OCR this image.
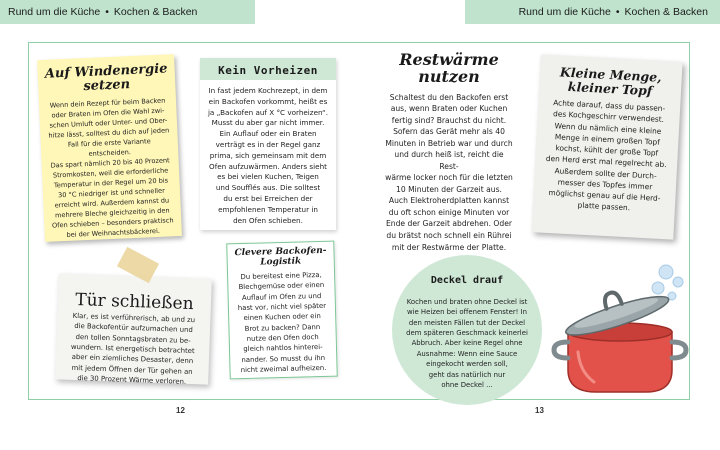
Rund um die Küche • Kochen & Backen	Rund um die Küche • Kochen & Backen
Auf Windenergie setzen
Wenn dein Rezept für beim Backen
oder Braten im Ofen die Wahl zwi-
schen Umluft oder Unter- und Ober-
hitze lässt, solltest du dich auf jeden
Fall für die erste Variante entscheiden.
Das spart nämlich 20 bis 40 Prozent
Stromkosten, weil die erforderliche
Temperatur in der Regel um 20 bis
30 °C niedriger ist und schneller
erreicht wird. Außerdem kannst du
mehrere Bleche gleichzeitig in den
Ofen schieben – besonders praktisch
bei der Weihnachtsbäckerei.
Kein Vorheizen
In fast jedem Kochrezept, in dem
ein Backofen vorkommt, heißt es
ja „Backofen auf X °C vorheizen“.
Musst du aber gar nicht immer.
Ein Auflauf oder ein Braten
verträgt es in der Regel ganz
prima, sich gemeinsam mit dem
Ofen aufzuwärmen. Anders sieht
es bei vielen Kuchen, Teigen
und Soufflés aus. Die solltest
du erst bei Erreichen der
empfohlenen Temperatur in
den Ofen schieben.
Clevere Backofen-Logistik
Du bereitest eine Pizza,
Blechgemüse oder einen
Auflauf im Ofen zu und
hast vor, nicht viel später
einen Kuchen oder ein
Brot zu backen? Dann
nutze den Ofen doch
gleich nahtlos hinterei-
nander. So musst du ihn
nicht zweimal aufheizen.
Tür schließen
Klar, es ist verführerisch, ab und zu
die Backofentür aufzumachen und
den tollen Sonntagsbraten zu be-
wundern. Ist energetisch betrachtet
aber ein ziemliches Desaster, denn
mit jedem Öffnen der Tür gehen an
die 30 Prozent Wärme verloren.
Restwärme nutzen
Schaltest du den Backofen erst
aus, wenn Braten oder Kuchen
fertig sind? Brauchst du nicht.
Sofern das Gerät mehr als 40
Minuten in Betrieb war und durch
und durch heiß ist, reicht die Rest-
wärme locker noch für die letzten
10 Minuten der Garzeit aus.
Auch Elektroherdplatten kannst
du oft schon einige Minuten vor
Ende der Garzeit abdrehen. Oder
du brätst noch schnell ein Rührei
mit der Restwärme der Platte.
Kleine Menge, kleiner Topf
Achte darauf, dass du passen-
des Kochgeschirr verwendest.
Wenn du nämlich eine kleine
Menge in einem großen Topf
kochst, kühlt der große Topf
den Herd erst mal regelrecht ab.
Außerdem sollte der Durch-
messer des Topfes immer
möglichst genau auf die Herd-
platte passen.
Deckel drauf
Kochen und braten ohne Deckel ist
wie Heizen bei offenem Fenster! In
den meisten Fällen tut der Deckel
dem späteren Geschmack keinerlei
Abbruch. Aber keine Regel ohne
Ausnahme: Wenn eine Sauce
eingekocht werden soll,
geht das natürlich nur
ohne Deckel ...
12	13
